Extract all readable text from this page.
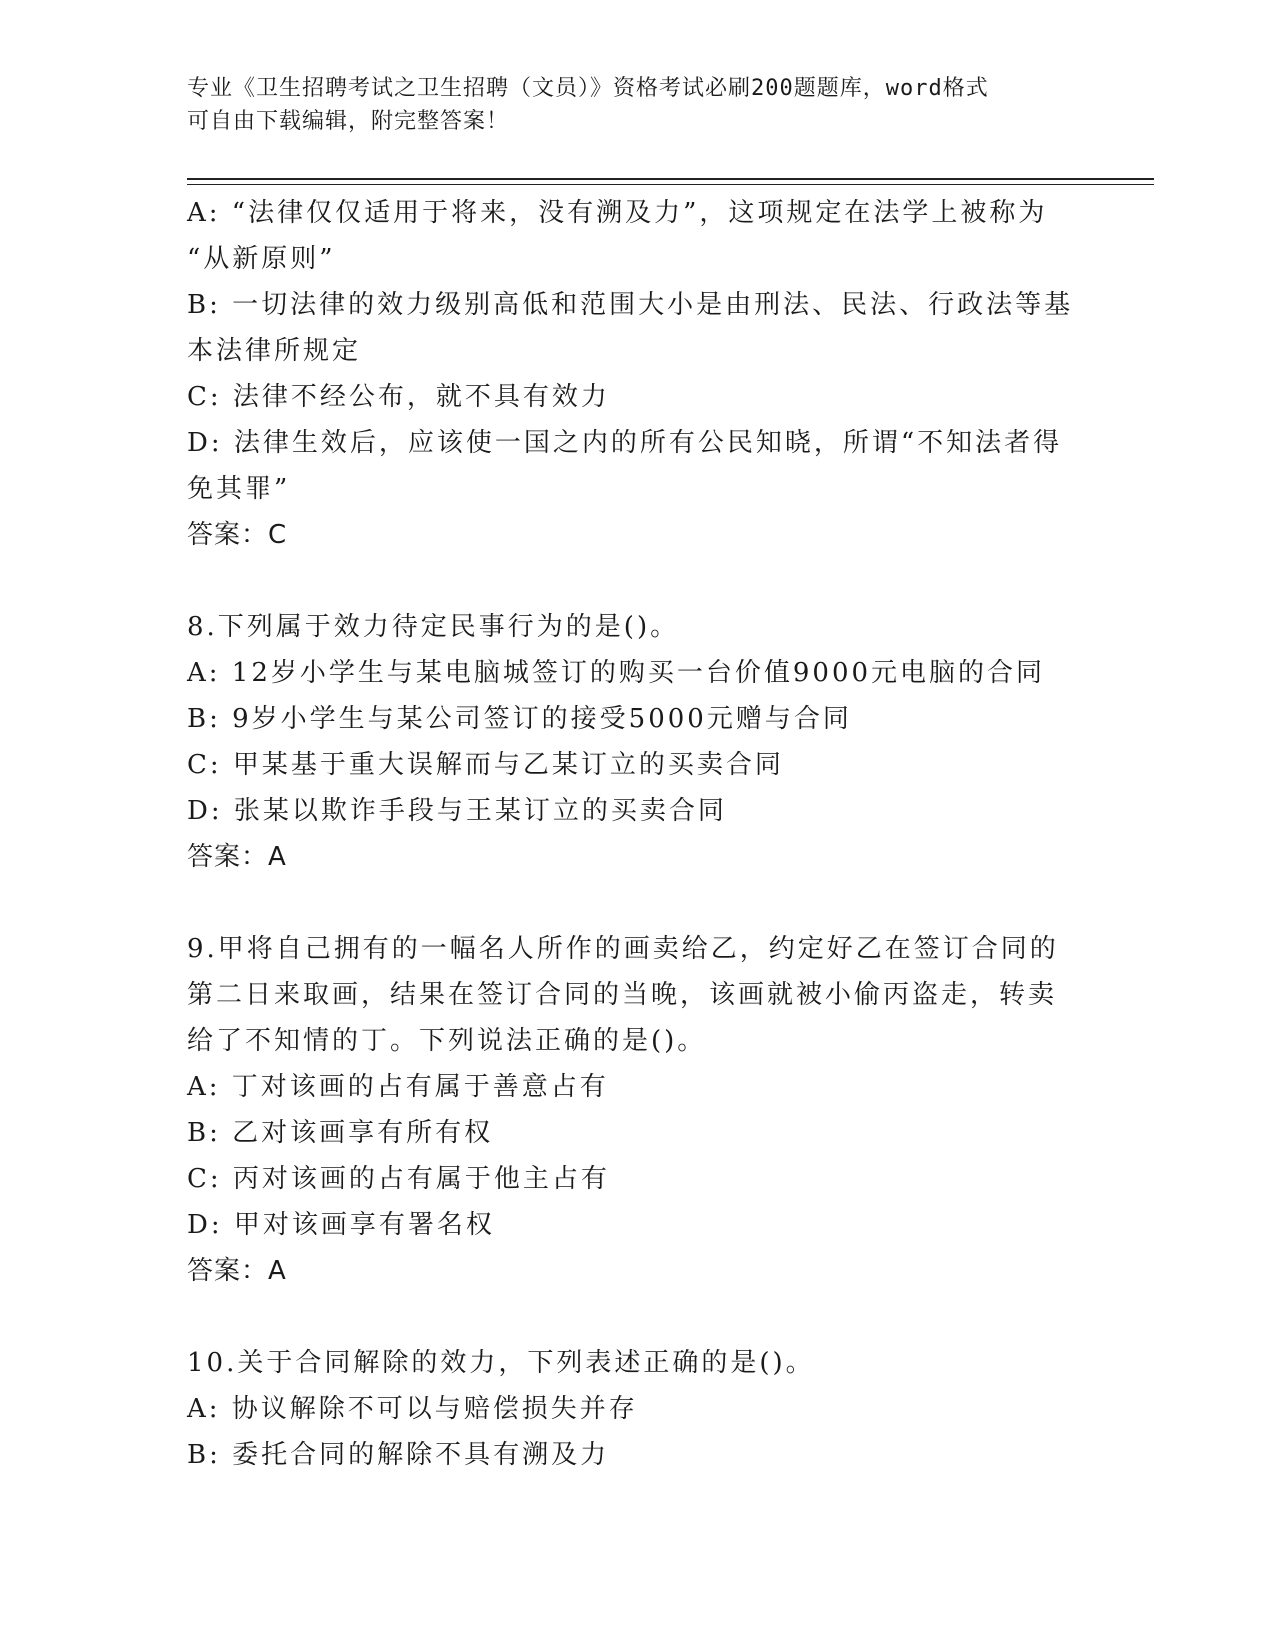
专业《卫生招聘考试之卫生招聘（文员）》资格考试必刷200题题库，word格式
可自由下载编辑，附完整答案！
A: “法律仅仅适用于将来，没有溯及力”，这项规定在法学上被称为
“从新原则”
B: 一切法律的效力级别高低和范围大小是由刑法、民法、行政法等基
本法律所规定
C: 法律不经公布，就不具有效力
D: 法律生效后，应该使一国之内的所有公民知晓，所谓“不知法者得
免其罪”
答案：C
8.下列属于效力待定民事行为的是()。
A: 12岁小学生与某电脑城签订的购买一台价值9000元电脑的合同
B: 9岁小学生与某公司签订的接受5000元赠与合同
C: 甲某基于重大误解而与乙某订立的买卖合同
D: 张某以欺诈手段与王某订立的买卖合同
答案：A
9.甲将自己拥有的一幅名人所作的画卖给乙，约定好乙在签订合同的
第二日来取画，结果在签订合同的当晚，该画就被小偷丙盗走，转卖
给了不知情的丁。下列说法正确的是()。
A: 丁对该画的占有属于善意占有
B: 乙对该画享有所有权
C: 丙对该画的占有属于他主占有
D: 甲对该画享有署名权
答案：A
10.关于合同解除的效力，下列表述正确的是()。
A: 协议解除不可以与赔偿损失并存
B: 委托合同的解除不具有溯及力
